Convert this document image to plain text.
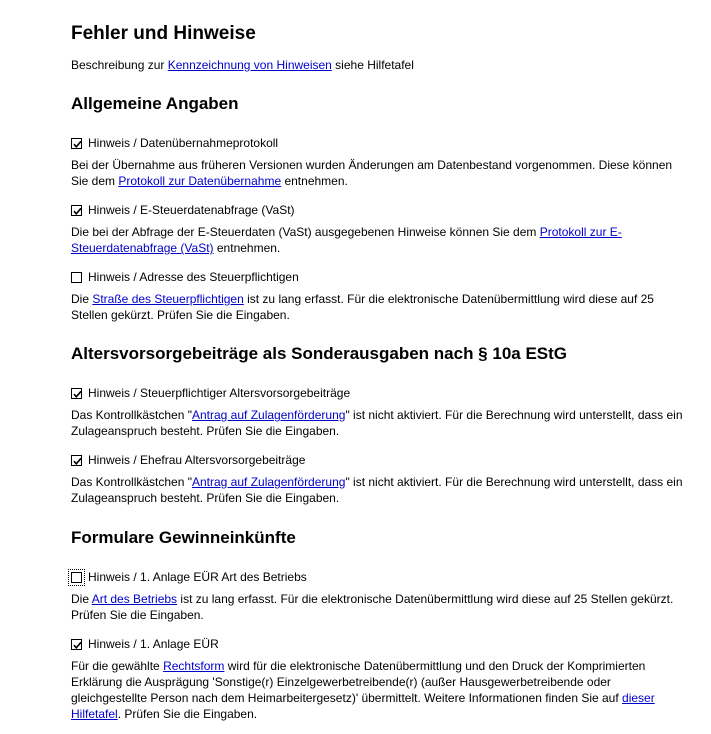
Fehler und Hinweise
Beschreibung zur Kennzeichnung von Hinweisen siehe Hilfetafel
Allgemeine Angaben
Hinweis / Datenübernahmeprotokoll
Bei der Übernahme aus früheren Versionen wurden Änderungen am Datenbestand vorgenommen. Diese können Sie dem Protokoll zur Datenübernahme entnehmen.
Hinweis / E-Steuerdatenabfrage (VaSt)
Die bei der Abfrage der E-Steuerdaten (VaSt) ausgegebenen Hinweise können Sie dem Protokoll zur E-Steuerdatenabfrage (VaSt) entnehmen.
Hinweis / Adresse des Steuerpflichtigen
Die Straße des Steuerpflichtigen ist zu lang erfasst. Für die elektronische Datenübermittlung wird diese auf 25 Stellen gekürzt. Prüfen Sie die Eingaben.
Altersvorsorgebeiträge als Sonderausgaben nach § 10a EStG
Hinweis / Steuerpflichtiger Altersvorsorgebeiträge
Das Kontrollkästchen "Antrag auf Zulagenförderung" ist nicht aktiviert. Für die Berechnung wird unterstellt, dass ein Zulageanspruch besteht. Prüfen Sie die Eingaben.
Hinweis / Ehefrau Altersvorsorgebeiträge
Das Kontrollkästchen "Antrag auf Zulagenförderung" ist nicht aktiviert. Für die Berechnung wird unterstellt, dass ein Zulageanspruch besteht. Prüfen Sie die Eingaben.
Formulare Gewinneinkünfte
Hinweis / 1. Anlage EÜR Art des Betriebs
Die Art des Betriebs ist zu lang erfasst. Für die elektronische Datenübermittlung wird diese auf 25 Stellen gekürzt. Prüfen Sie die Eingaben.
Hinweis / 1. Anlage EÜR
Für die gewählte Rechtsform wird für die elektronische Datenübermittlung und den Druck der Komprimierten Erklärung die Ausprägung 'Sonstige(r) Einzelgewerbetreibende(r) (außer Hausgewerbetreibende oder gleichgestellte Person nach dem Heimarbeitergesetz)' übermittelt. Weitere Informationen finden Sie auf dieser Hilfetafel. Prüfen Sie die Eingaben.
